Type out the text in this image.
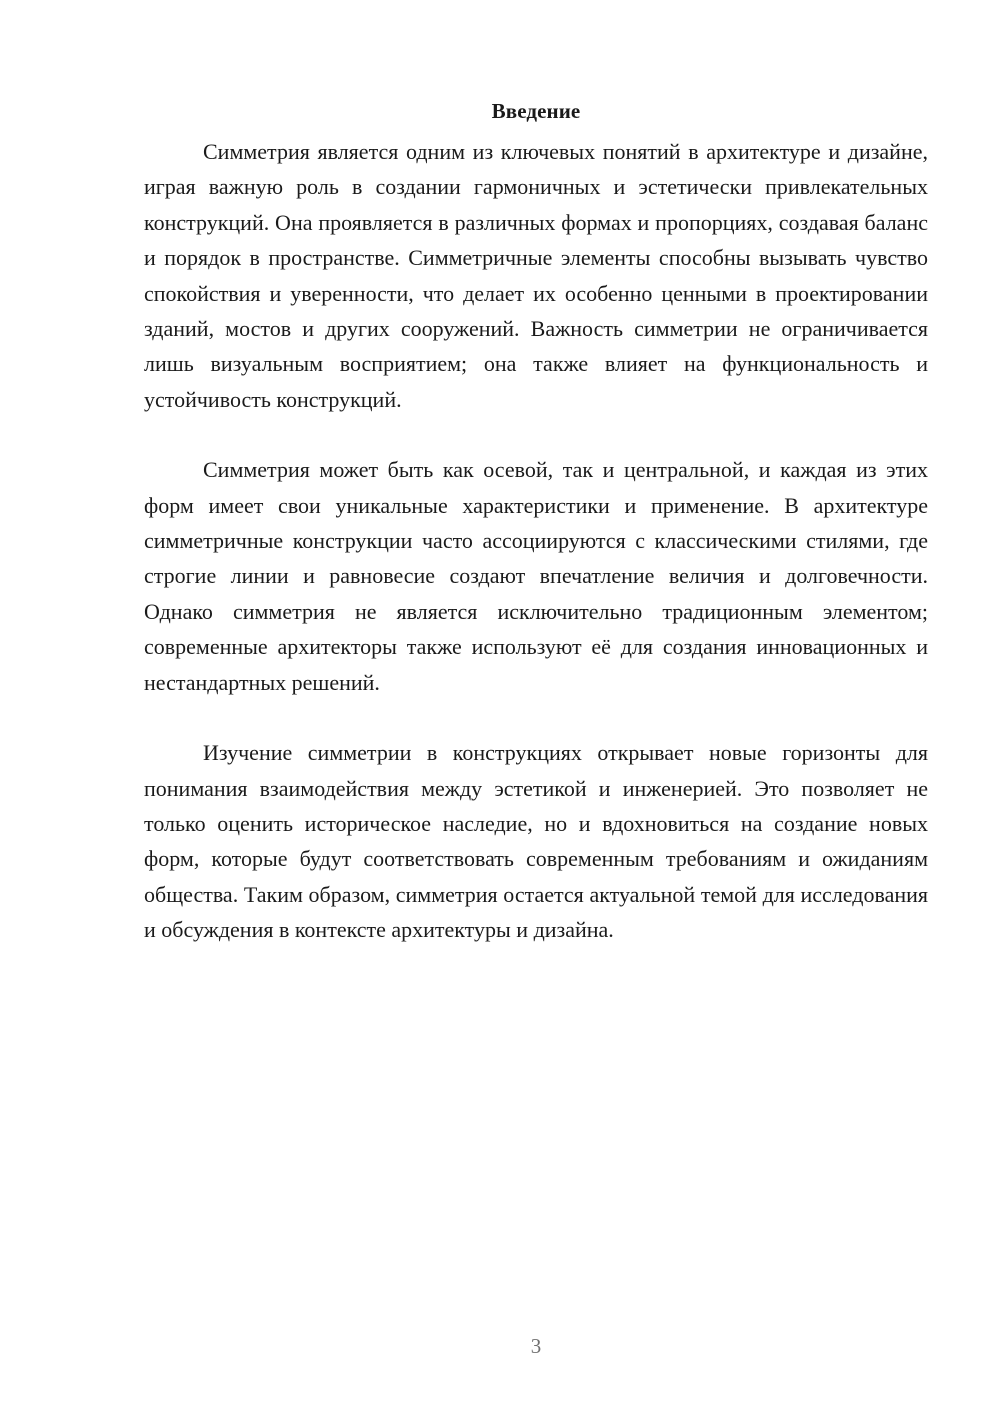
Введение

Симметрия является одним из ключевых понятий в архитектуре и дизайне, играя важную роль в создании гармоничных и эстетически привлекательных конструкций. Она проявляется в различных формах и пропорциях, создавая баланс и порядок в пространстве. Симметричные элементы способны вызывать чувство спокойствия и уверенности, что делает их особенно ценными в проектировании зданий, мостов и других сооружений. Важность симметрии не ограничивается лишь визуальным восприятием; она также влияет на функциональность и устойчивость конструкций.

Симметрия может быть как осевой, так и центральной, и каждая из этих форм имеет свои уникальные характеристики и применение. В архитектуре симметричные конструкции часто ассоциируются с классическими стилями, где строгие линии и равновесие создают впечатление величия и долговечности. Однако симметрия не является исключительно традиционным элементом; современные архитекторы также используют её для создания инновационных и нестандартных решений.

Изучение симметрии в конструкциях открывает новые горизонты для понимания взаимодействия между эстетикой и инженерией. Это позволяет не только оценить историческое наследие, но и вдохновиться на создание новых форм, которые будут соответствовать современным требованиям и ожиданиям общества. Таким образом, симметрия остается актуальной темой для исследования и обсуждения в контексте архитектуры и дизайна.

3
